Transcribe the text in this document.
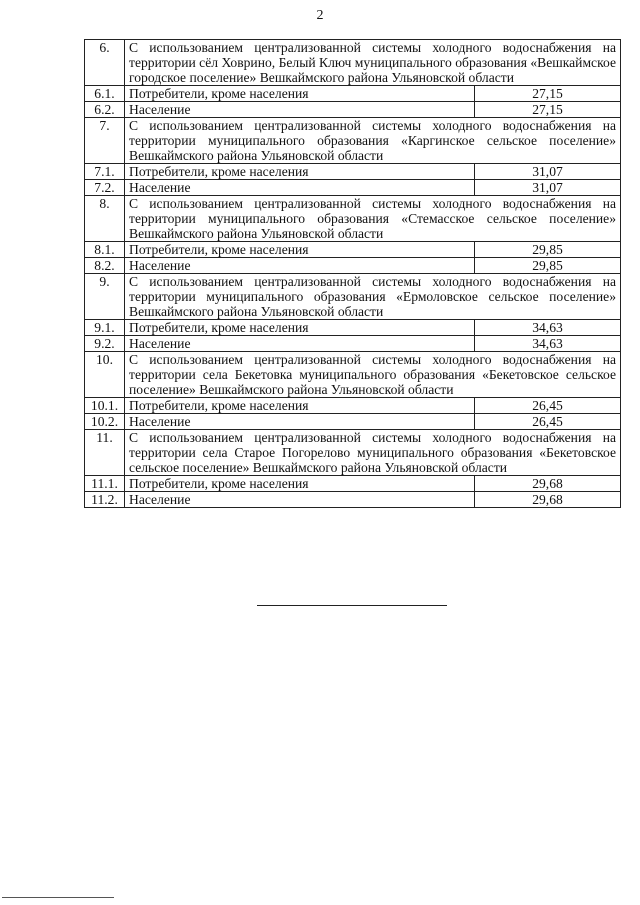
2
6.	С использованием централизованной системы холодного водоснабжения на территории сёл Ховрино, Белый Ключ муниципального образования «Вешкаймское городское поселение» Вешкаймского района Ульяновской области	
6.1.	Потребители, кроме населения	27,15
6.2.	Население	27,15
7.	С использованием централизованной системы холодного водоснабжения на территории муниципального образования «Каргинское сельское поселение» Вешкаймского района Ульяновской области	
7.1.	Потребители, кроме населения	31,07
7.2.	Население	31,07
8.	С использованием централизованной системы холодного водоснабжения на территории муниципального образования «Стемасское сельское поселение» Вешкаймского района Ульяновской области	
8.1.	Потребители, кроме населения	29,85
8.2.	Население	29,85
9.	С использованием централизованной системы холодного водоснабжения на территории муниципального образования «Ермоловское сельское поселение» Вешкаймского района Ульяновской области	
9.1.	Потребители, кроме населения	34,63
9.2.	Население	34,63
10.	С использованием централизованной системы холодного водоснабжения на территории села Бекетовка муниципального образования «Бекетовское сельское поселение» Вешкаймского района Ульяновской области	
10.1.	Потребители, кроме населения	26,45
10.2.	Население	26,45
11.	С использованием централизованной системы холодного водоснабжения на территории села Старое Погорелово муниципального образования «Бекетовское сельское поселение» Вешкаймского района Ульяновской области	
11.1.	Потребители, кроме населения	29,68
11.2.	Население	29,68
